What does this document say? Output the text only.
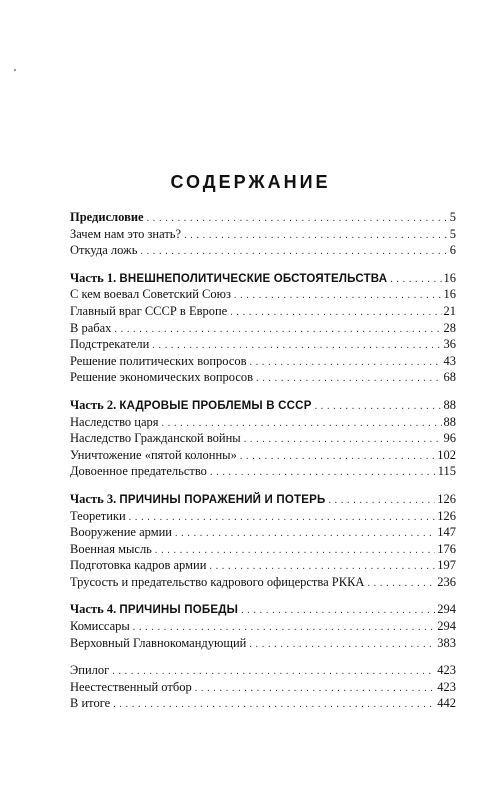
СОДЕРЖАНИЕ
Предисловие . . .	5
Зачем нам это знать? . . .	5
Откуда ложь . . .	6
Часть 1. ВНЕШНЕПОЛИТИЧЕСКИЕ ОБСТОЯТЕЛЬСТВА . . .	16
С кем воевал Советский Союз . . .	16
Главный враг СССР в Европе . . .	21
В рабах . . .	28
Подстрекатели . . .	36
Решение политических вопросов . . .	43
Решение экономических вопросов . . .	68
Часть 2. КАДРОВЫЕ ПРОБЛЕМЫ В СССР . . .	88
Наследство царя . . .	88
Наследство Гражданской войны . . .	96
Уничтожение «пятой колонны» . . .	102
Довоенное предательство . . .	115
Часть 3. ПРИЧИНЫ ПОРАЖЕНИЙ И ПОТЕРЬ . . .	126
Теоретики . . .	126
Вооружение армии . . .	147
Военная мысль . . .	176
Подготовка кадров армии . . .	197
Трусость и предательство кадрового офицерства РККА . . .	236
Часть 4. ПРИЧИНЫ ПОБЕДЫ . . .	294
Комиссары . . .	294
Верховный Главнокомандующий . . .	383
Эпилог . . .	423
Неестественный отбор . . .	423
В итоге . . .	442
